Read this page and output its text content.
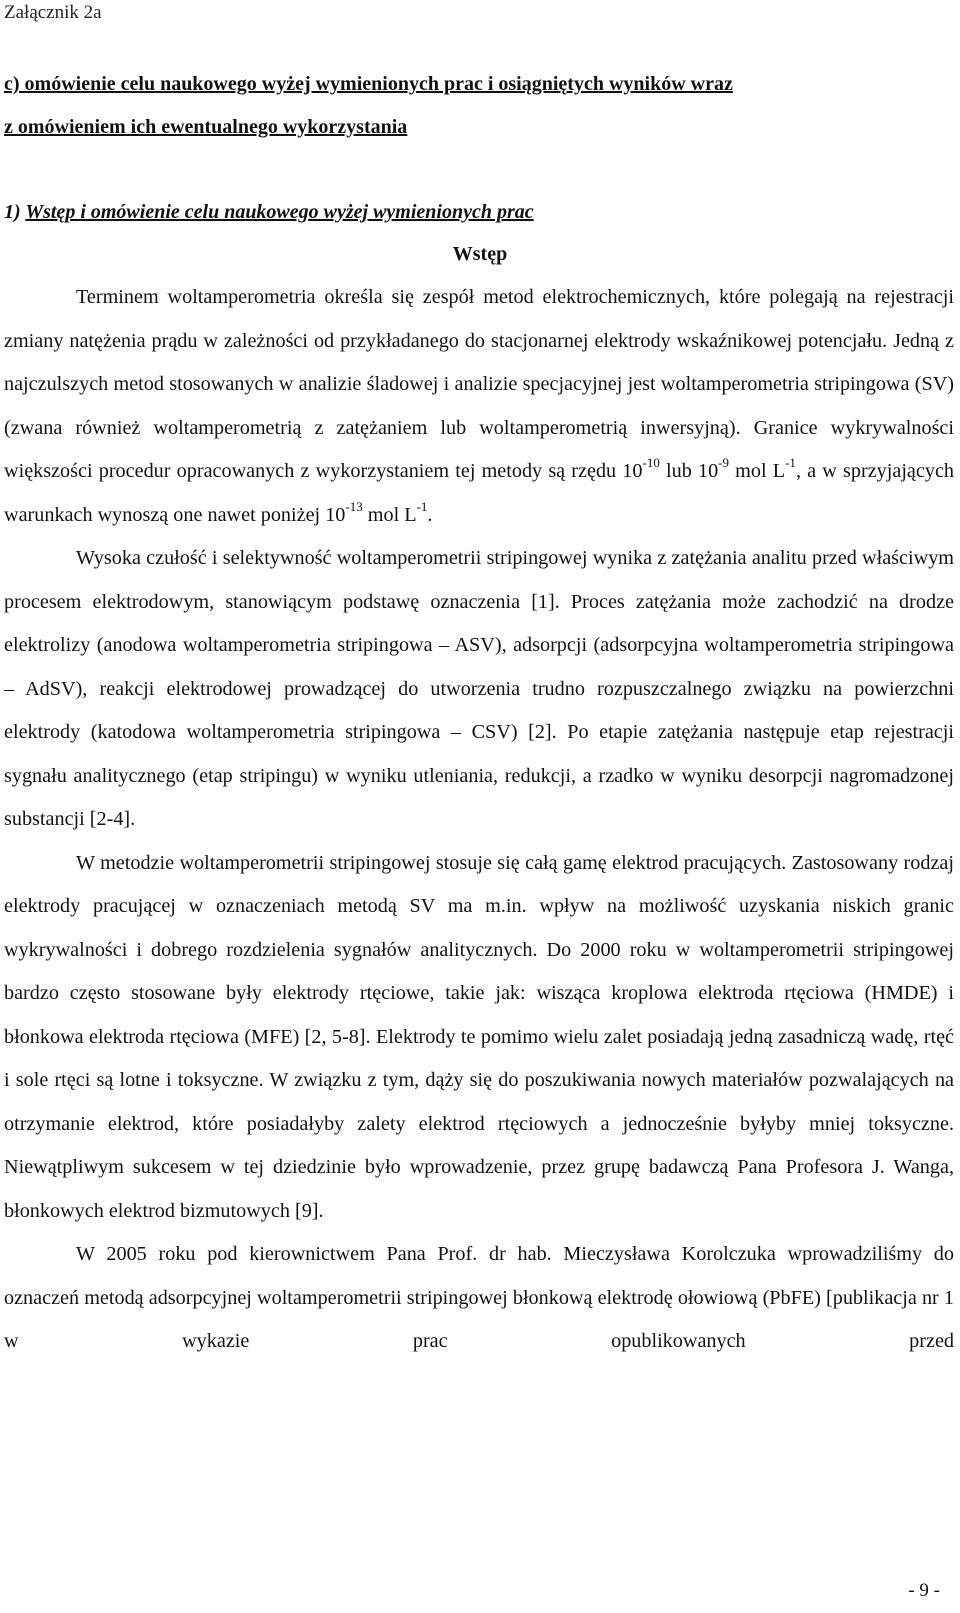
Załącznik 2a
c) omówienie celu naukowego wyżej wymienionych prac i osiągniętych wyników wraz
z omówieniem ich ewentualnego wykorzystania
1) Wstęp i omówienie celu naukowego wyżej wymienionych prac
Wstęp

Terminem woltamperometria określa się zespół metod elektrochemicznych, które polegają na rejestracji zmiany natężenia prądu w zależności od przykładanego do stacjonarnej elektrody wskaźnikowej potencjału. Jedną z najczulszych metod stosowanych w analizie śladowej i analizie specjacyjnej jest woltamperometria stripingowa (SV) (zwana również woltamperometrią z zatężaniem lub woltamperometrią inwersyjną). Granice wykrywalności większości procedur opracowanych z wykorzystaniem tej metody są rzędu $10^{-10}$ lub $10^{-9}$ mol $L^{-1}$, a w sprzyjających warunkach wynoszą one nawet poniżej $10^{-13}$ mol $L^{-1}$.

Wysoka czułość i selektywność woltamperometrii stripingowej wynika z zatężania analitu przed właściwym procesem elektrodowym, stanowiącym podstawę oznaczenia [1]. Proces zatężania może zachodzić na drodze elektrolizy (anodowa woltamperometria stripingowa – ASV), adsorpcji (adsorpcyjna woltamperometria stripingowa – AdSV), reakcji elektrodowej prowadzącej do utworzenia trudno rozpuszczalnego związku na powierzchni elektrody (katodowa woltamperometria stripingowa – CSV) [2]. Po etapie zatężania następuje etap rejestracji sygnału analitycznego (etap stripingu) w wyniku utleniania, redukcji, a rzadko w wyniku desorpcji nagromadzonej substancji [2-4].

W metodzie woltamperometrii stripingowej stosuje się całą gamę elektrod pracujących. Zastosowany rodzaj elektrody pracującej w oznaczeniach metodą SV ma m.in. wpływ na możliwość uzyskania niskich granic wykrywalności i dobrego rozdzielenia sygnałów analitycznych. Do 2000 roku w woltamperometrii stripingowej bardzo często stosowane były elektrody rtęciowe, takie jak: wisząca kroplowa elektroda rtęciowa (HMDE) i błonkowa elektroda rtęciowa (MFE) [2, 5-8]. Elektrody te pomimo wielu zalet posiadają jedną zasadniczą wadę, rtęć i sole rtęci są lotne i toksyczne. W związku z tym, dąży się do poszukiwania nowych materiałów pozwalających na otrzymanie elektrod, które posiadałyby zalety elektrod rtęciowych a jednocześnie byłyby mniej toksyczne. Niewątpliwym sukcesem w tej dziedzinie było wprowadzenie, przez grupę badawczą Pana Profesora J. Wanga, błonkowych elektrod bizmutowych [9].

W 2005 roku pod kierownictwem Pana Prof. dr hab. Mieczysława Korolczuka wprowadziliśmy do oznaczeń metodą adsorpcyjnej woltamperometrii stripingowej błonkową elektrodę ołowiową (PbFE) [publikacja nr 1 w wykazie prac opublikowanych przed

- 9 -
